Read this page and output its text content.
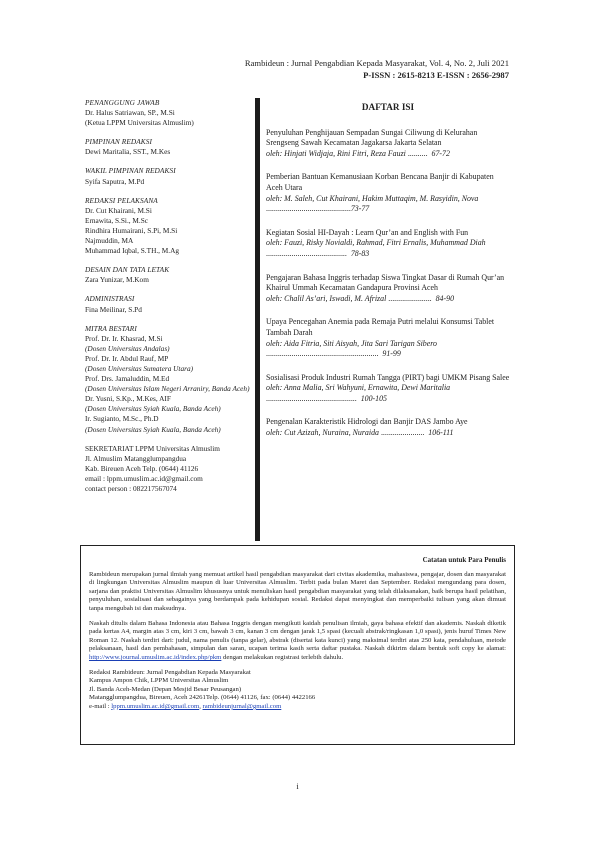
Rambideun : Jurnal Pengabdian Kepada Masyarakat, Vol. 4, No. 2, Juli 2021
P-ISSN : 2615-8213 E-ISSN : 2656-2987
PENANGGUNG JAWAB
Dr. Halus Satriawan, SP., M.Si
(Ketua LPPM Universitas Almuslim)
PIMPINAN REDAKSI
Dewi Maritalia, SST., M.Kes
WAKIL PIMPINAN REDAKSI
Syifa Saputra, M.Pd
REDAKSI PELAKSANA
Dr. Cut Khairani, M.Si
Ernawita, S.Si., M.Sc
Rindhira Humairani, S.Pi, M.Si
Najmuddin, MA
Muhammad Iqbal, S.TH., M.Ag
DESAIN DAN TATA LETAK
Zara Yunizar, M.Kom
ADMINISTRASI
Fina Meilinar, S.Pd
MITRA BESTARI
Prof. Dr. Ir. Khasrad, M.Si
(Dosen Universitas Andalas)
Prof. Dr. Ir. Abdul Rauf, MP
(Dosen Universitas Sumatera Utara)
Prof. Drs. Jamaluddin, M.Ed
(Dosen Universitas Islam Negeri Arraniry, Banda Aceh)
Dr. Yusni, S.Kp., M.Kes, AIF
(Dosen Universitas Syiah Kuala, Banda Aceh)
Ir. Sugianto, M.Sc., Ph.D
(Dosen Universitas Syiah Kuala, Banda Aceh)
SEKRETARIAT LPPM Universitas Almuslim
Jl. Almuslim Matangglumpangdua
Kab. Bireuen Aceh Telp. (0644) 41126
email : lppm.umuslim.ac.id@gmail.com
contact person : 082217567074
DAFTAR ISI
Penyuluhan Penghijauan Sempadan Sungai Ciliwung di Kelurahan Srengseng Sawah Kecamatan Jagakarsa Jakarta Selatan
oleh: Hinjati Widjaja, Rini Fitri, Reza Fauzi .......... 67-72
Pemberian Bantuan Kemanusiaan Korban Bencana Banjir di Kabupaten Aceh Utara
oleh: M. Saleh, Cut Khairani, Hakim Muttaqim, M. Rasyidin, Nova ...........................................73-77
Kegiatan Sosial HI-Dayah : Learn Qur’an and English with Fun
oleh: Fauzi, Risky Novialdi, Rahmad, Fitri Ernalis, Muhammad Diah ......................................... 78-83
Pengajaran Bahasa Inggris terhadap Siswa Tingkat Dasar di Rumah Qur’an Khairul Ummah Kecamatan Gandapura Provinsi Aceh
oleh: Chalil As’ari, Iswadi, M. Afrizal ...................... 84-90
Upaya Pencegahan Anemia pada Remaja Putri melalui Konsumsi Tablet Tambah Darah
oleh: Aida Fitria, Siti Aisyah, Jita Sari Tarigan Sibero ......................................................... 91-99
Sosialisasi Produk Industri Rumah Tangga (PIRT) bagi UMKM Pisang Salee
oleh: Anna Malia, Sri Wahyuni, Ernawita, Dewi Maritalia .............................................. 100-105
Pengenalan Karakteristik Hidrologi dan Banjir DAS Jambo Aye
oleh: Cut Azizah, Nuraina, Nuraida ...................... 106-111
Catatan untuk Para Penulis

Rambideun merupakan jurnal ilmiah yang memuat artikel hasil pengabdian masyarakat dari civitas akademika, mahasiswa, pengajar, dosen dan masyarakat di lingkungan Universitas Almuslim maupun di luar Universitas Almuslim. Terbit pada bulan Maret dan September. Redaksi mengundang para dosen, sarjana dan praktisi Universitas Almuslim khususnya untuk menuliskan hasil pengabdian masyarakat yang telah dilaksanakan, baik berupa hasil pelatihan, penyuluhan, sosialisasi dan sebagainya yang berdampak pada kehidupan sosial. Redaksi dapat menyingkat dan memperbaiki tulisan yang akan dimuat tanpa mengubah isi dan maksudnya.

Naskah ditulis dalam Bahasa Indonesia atau Bahasa Inggris dengan mengikuti kaidah penulisan ilmiah, gaya bahasa efektif dan akademis. Naskah diketik pada kertas A4, margin atas 3 cm, kiri 3 cm, bawah 3 cm, kanan 3 cm dengan jarak 1,5 spasi (kecuali abstrak/ringkasan 1,0 spasi), jenis huruf Times New Roman 12. Naskah terdiri dari: judul, nama penulis (tanpa gelar), abstrak (disertai kata kunci) yang maksimal terdiri atas 250 kata, pendahuluan, metode pelaksanaan, hasil dan pembahasan, simpulan dan saran, ucapan terima kasih serta daftar pustaka. Naskah dikirim dalam bentuk soft copy ke alamat: http://www.journal.umuslim.ac.id/index.php/pkm dengan melakukan registrasi terlebih dahulu.

Redaksi Rambideun: Jurnal Pengabdian Kepada Masyarakat
Kampus Ampon Chik, LPPM Universitas Almuslim
Jl. Banda Aceh-Medan (Depan Mesjid Besar Peusangan)
Matangglumpangdua, Bireuen, Aceh 24261Telp. (0644) 41126, fax: (0644) 4422166
e-mail : lppm.umuslim.ac.id@gmail.com, rambideunjurnal@gmail.com
i
